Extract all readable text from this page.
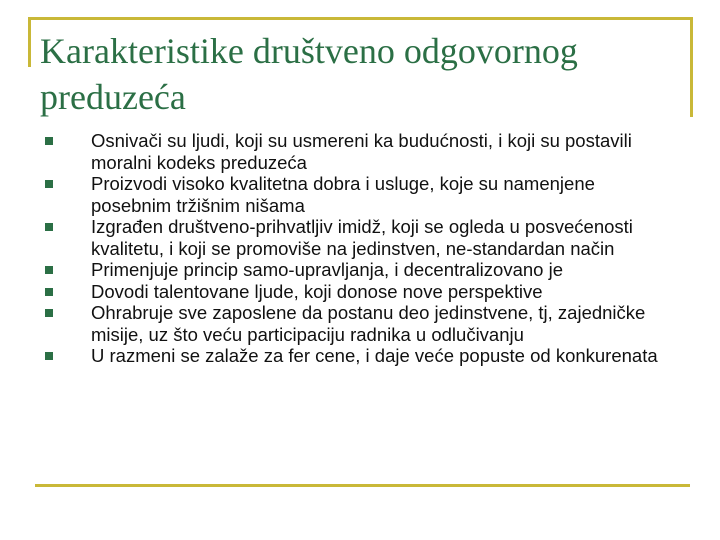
Karakteristike društveno odgovornog preduzeća
Osnivači su ljudi, koji su usmereni ka budućnosti, i koji su postavili moralni kodeks preduzeća
Proizvodi visoko kvalitetna dobra i usluge, koje su namenjene posebnim tržišnim nišama
Izgrađen društveno-prihvatljiv imidž, koji se ogleda u posvećenosti kvalitetu, i koji se promoviše na jedinstven, ne-standardan način
Primenjuje princip samo-upravljanja, i decentralizovano je
Dovodi talentovane ljude, koji donose nove perspektive
Ohrabruje sve zaposlene da postanu deo jedinstvene, tj, zajedničke misije, uz što veću participaciju radnika u odlučivanju
U razmeni se zalaže za fer cene, i daje veće popuste od konkurenata
